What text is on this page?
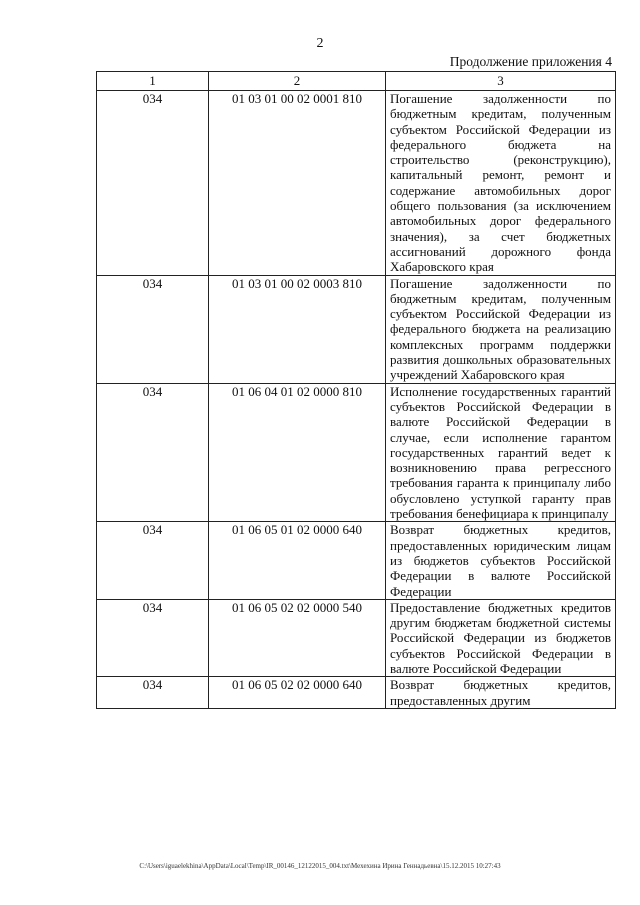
2
Продолжение приложения 4
1	2	3
034	01 03 01 00 02 0001 810	Погашение задолженности по бюджетным кредитам, полученным субъектом Российской Федерации из федерального бюджета на строительство (реконструкцию), капитальный ремонт, ремонт и содержание автомобильных дорог общего пользования (за исключением автомобильных дорог федерального значения), за счет бюджетных ассигнований дорожного фонда Хабаровского края
034	01 03 01 00 02 0003 810	Погашение задолженности по бюджетным кредитам, полученным субъектом Российской Федерации из федерального бюджета на реализацию комплексных программ поддержки развития дошкольных образовательных учреждений Хабаровского края
034	01 06 04 01 02 0000 810	Исполнение государственных гарантий субъектов Российской Федерации в валюте Российской Федерации в случае, если исполнение гарантом государственных гарантий ведет к возникновению права регрессного требования гаранта к принципалу либо обусловлено уступкой гаранту прав требования бенефициара к принципалу
034	01 06 05 01 02 0000 640	Возврат бюджетных кредитов, предоставленных юридическим лицам из бюджетов субъектов Российской Федерации в валюте Российской Федерации
034	01 06 05 02 02 0000 540	Предоставление бюджетных кредитов другим бюджетам бюджетной системы Российской Федерации из бюджетов субъектов Российской Федерации в валюте Российской Федерации
034	01 06 05 02 02 0000 640	Возврат бюджетных кредитов, предоставленных другим
C:\Users\iguaelekhina\AppData\Local\Temp\IR_00146_12122015_004.txt\Мехехина Ирина Геннадьевна\15.12.2015 10:27:43
